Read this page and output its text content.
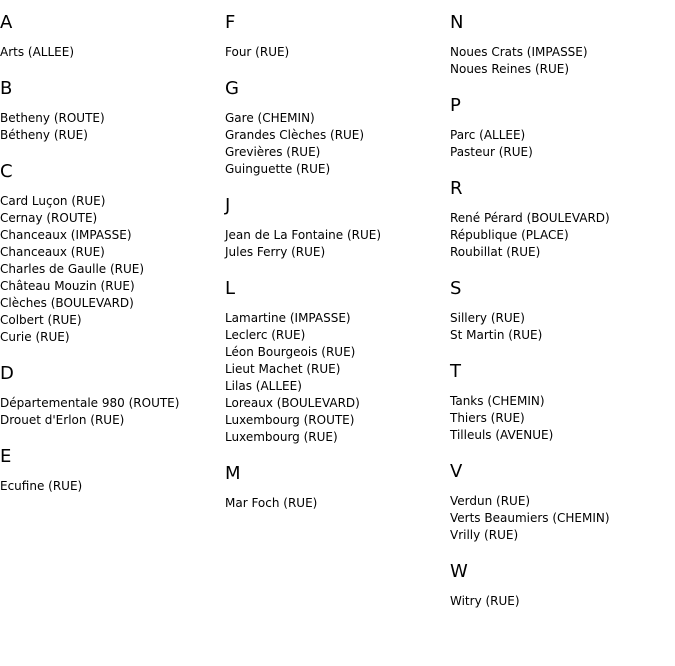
A
Arts (ALLEE)
B
Betheny (ROUTE)
Bétheny (RUE)
C
Card Luçon (RUE)
Cernay (ROUTE)
Chanceaux (IMPASSE)
Chanceaux (RUE)
Charles de Gaulle (RUE)
Château Mouzin (RUE)
Clèches (BOULEVARD)
Colbert (RUE)
Curie (RUE)
D
Départementale 980 (ROUTE)
Drouet d'Erlon (RUE)
E
Ecufine (RUE)
F
Four (RUE)
G
Gare (CHEMIN)
Grandes Clèches (RUE)
Grevières (RUE)
Guinguette (RUE)
J
Jean de La Fontaine (RUE)
Jules Ferry (RUE)
L
Lamartine (IMPASSE)
Leclerc (RUE)
Léon Bourgeois (RUE)
Lieut Machet (RUE)
Lilas (ALLEE)
Loreaux (BOULEVARD)
Luxembourg (ROUTE)
Luxembourg (RUE)
M
Mar Foch (RUE)
N
Noues Crats (IMPASSE)
Noues Reines (RUE)
P
Parc (ALLEE)
Pasteur (RUE)
R
René Pérard (BOULEVARD)
République (PLACE)
Roubillat (RUE)
S
Sillery (RUE)
St Martin (RUE)
T
Tanks (CHEMIN)
Thiers (RUE)
Tilleuls (AVENUE)
V
Verdun (RUE)
Verts Beaumiers (CHEMIN)
Vrilly (RUE)
W
Witry (RUE)
